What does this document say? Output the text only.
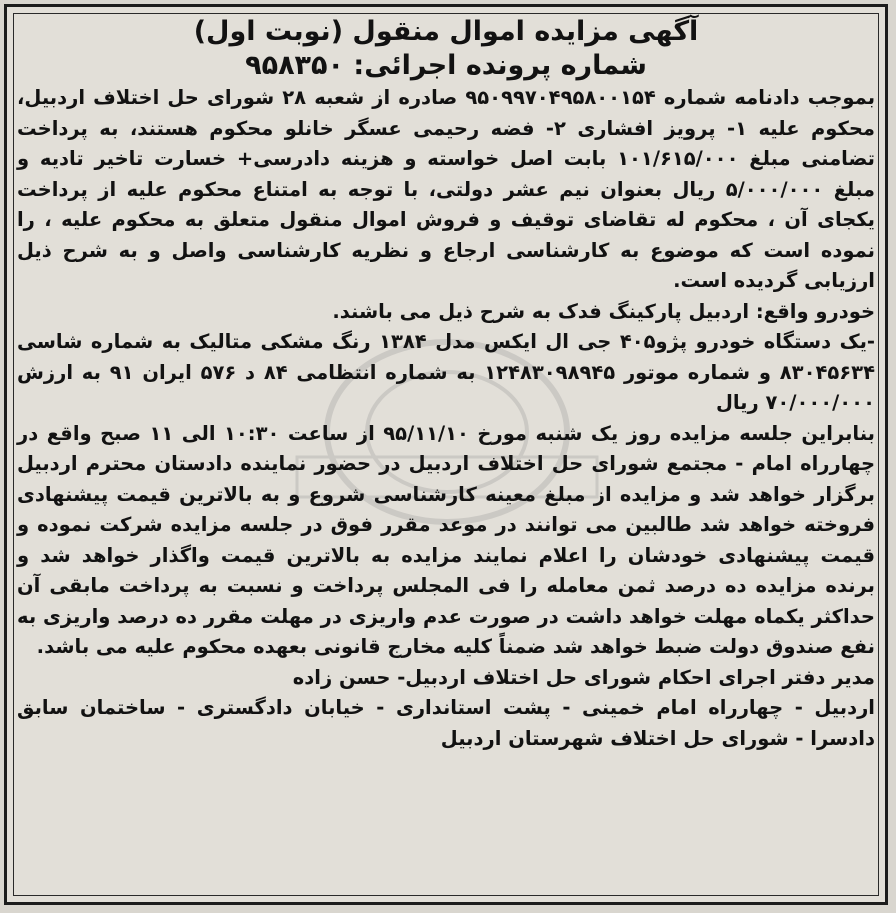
آگهی مزایده اموال منقول (نوبت اول)

شماره پرونده اجرائی: ۹۵۸۳۵۰

بموجب دادنامه شماره ۹۵۰۹۹۷۰۴۹۵۸۰۰۱۵۴ صادره از شعبه ۲۸ شورای حل اختلاف اردبیل، محکوم علیه ۱- پرویز افشاری ۲- فضه رحیمی عسگر خانلو محکوم هستند، به پرداخت تضامنی مبلغ ۱۰۱/۶۱۵/۰۰۰ بابت اصل خواسته و هزینه دادرسی+ خسارت تاخیر تادیه و مبلغ ۵/۰۰۰/۰۰۰ ریال بعنوان نیم عشر دولتی، با توجه به امتناع محکوم علیه از پرداخت یکجای آن ، محکوم له تقاضای توقیف و فروش اموال منقول متعلق به محکوم علیه ، را نموده است که موضوع به کارشناسی ارجاع و نظریه کارشناسی واصل و به شرح ذیل ارزیابی گردیده است.

خودرو واقع: اردبیل پارکینگ فدک به شرح ذیل می باشند.

-یک دستگاه خودرو پژو۴۰۵ جی ال ایکس مدل ۱۳۸۴ رنگ مشکی متالیک به شماره شاسی ۸۳۰۴۵۶۳۴ و شماره موتور ۱۲۴۸۳۰۹۸۹۴۵ به شماره انتظامی ۸۴ د ۵۷۶ ایران ۹۱ به ارزش ۷۰/۰۰۰/۰۰۰ ریال

بنابراین جلسه مزایده روز یک شنبه مورخ ۹۵/۱۱/۱۰ از ساعت ۱۰:۳۰ الی ۱۱ صبح واقع در چهارراه امام - مجتمع شورای حل اختلاف اردبیل در حضور نماینده دادستان محترم اردبیل برگزار خواهد شد و مزایده از مبلغ معینه کارشناسی شروع و به بالاترین قیمت پیشنهادی فروخته خواهد شد طالبین می توانند در موعد مقرر فوق در جلسه مزایده شرکت نموده و قیمت پیشنهادی خودشان را اعلام نمایند مزایده به بالاترین قیمت واگذار خواهد شد و برنده مزایده ده درصد ثمن معامله را فی المجلس پرداخت و نسبت به پرداخت مابقی آن حداکثر یکماه مهلت خواهد داشت در صورت عدم واریزی در مهلت مقرر ده درصد واریزی به نفع صندوق دولت ضبط خواهد شد ضمناً کلیه مخارج قانونی بعهده محکوم علیه می باشد.

مدیر دفتر اجرای احکام شورای حل اختلاف اردبیل- حسن زاده

اردبیل - چهارراه امام خمینی - پشت استانداری - خیابان دادگستری - ساختمان سابق دادسرا - شورای حل اختلاف شهرستان اردبیل
